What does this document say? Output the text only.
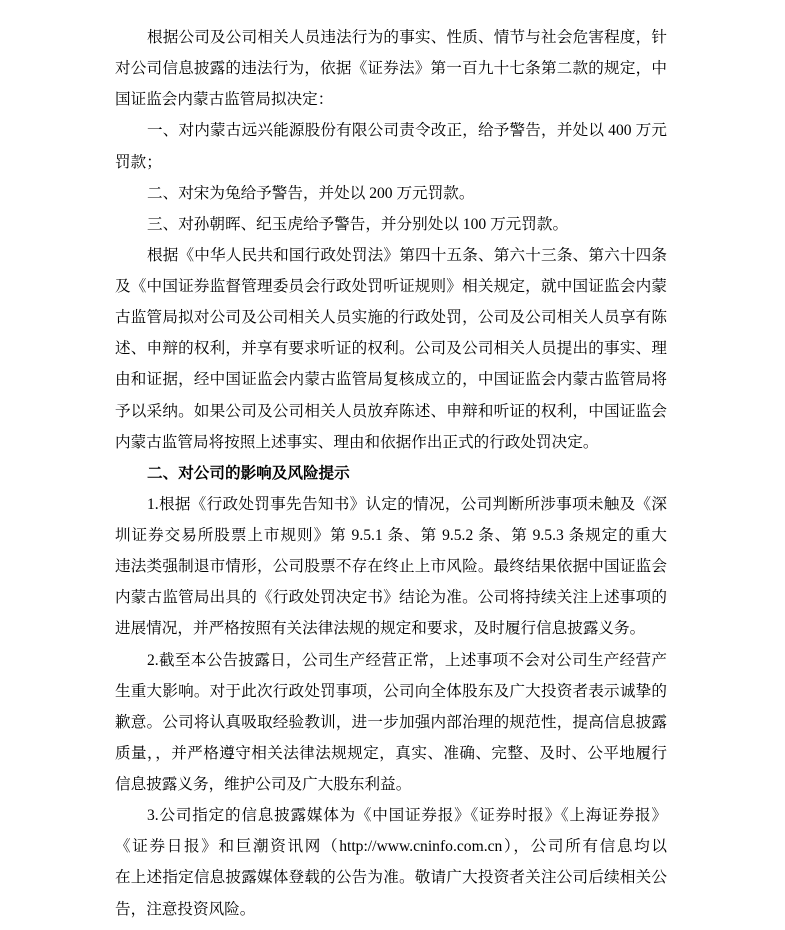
根据公司及公司相关人员违法行为的事实、性质、情节与社会危害程度，针
对公司信息披露的违法行为，依据《证券法》第一百九十七条第二款的规定，中
国证监会内蒙古监管局拟决定：
一、对内蒙古远兴能源股份有限公司责令改正，给予警告，并处以 400 万元
罚款；
二、对宋为兔给予警告，并处以 200 万元罚款。
三、对孙朝晖、纪玉虎给予警告，并分别处以 100 万元罚款。
根据《中华人民共和国行政处罚法》第四十五条、第六十三条、第六十四条
及《中国证券监督管理委员会行政处罚听证规则》相关规定，就中国证监会内蒙
古监管局拟对公司及公司相关人员实施的行政处罚，公司及公司相关人员享有陈
述、申辩的权利，并享有要求听证的权利。公司及公司相关人员提出的事实、理
由和证据，经中国证监会内蒙古监管局复核成立的，中国证监会内蒙古监管局将
予以采纳。如果公司及公司相关人员放弃陈述、申辩和听证的权利，中国证监会
内蒙古监管局将按照上述事实、理由和依据作出正式的行政处罚决定。
二、对公司的影响及风险提示
1.根据《行政处罚事先告知书》认定的情况，公司判断所涉事项未触及《深
圳证券交易所股票上市规则》第 9.5.1 条、第 9.5.2 条、第 9.5.3 条规定的重大
违法类强制退市情形，公司股票不存在终止上市风险。最终结果依据中国证监会
内蒙古监管局出具的《行政处罚决定书》结论为准。公司将持续关注上述事项的
进展情况，并严格按照有关法律法规的规定和要求，及时履行信息披露义务。
2.截至本公告披露日，公司生产经营正常，上述事项不会对公司生产经营产
生重大影响。对于此次行政处罚事项，公司向全体股东及广大投资者表示诚挚的
歉意。公司将认真吸取经验教训，进一步加强内部治理的规范性，提高信息披露
质量，，并严格遵守相关法律法规规定，真实、准确、完整、及时、公平地履行
信息披露义务，维护公司及广大股东利益。
3.公司指定的信息披露媒体为《中国证券报》《证券时报》《上海证券报》
《证券日报》和巨潮资讯网（http://www.cninfo.com.cn），公司所有信息均以
在上述指定信息披露媒体登载的公告为准。敬请广大投资者关注公司后续相关公
告，注意投资风险。
